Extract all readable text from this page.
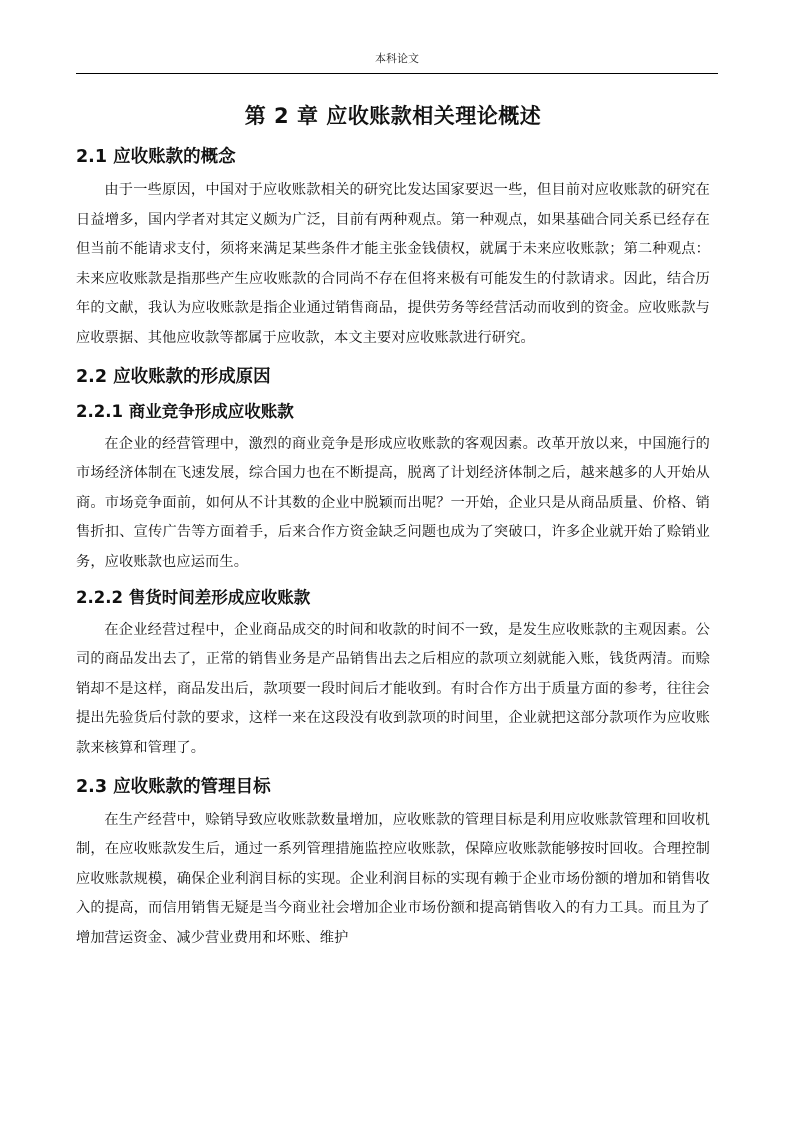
本科论文
第 2 章 应收账款相关理论概述
2.1 应收账款的概念

由于一些原因，中国对于应收账款相关的研究比发达国家要迟一些，但目前对应收账款的研究在日益增多，国内学者对其定义颇为广泛，目前有两种观点。第一种观点，如果基础合同关系已经存在但当前不能请求支付，须将来满足某些条件才能主张金钱债权，就属于未来应收账款；第二种观点：未来应收账款是指那些产生应收账款的合同尚不存在但将来极有可能发生的付款请求。因此，结合历年的文献，我认为应收账款是指企业通过销售商品，提供劳务等经营活动而收到的资金。应收账款与应收票据、其他应收款等都属于应收款，本文主要对应收账款进行研究。

2.2 应收账款的形成原因
2.2.1 商业竞争形成应收账款

在企业的经营管理中，激烈的商业竞争是形成应收账款的客观因素。改革开放以来，中国施行的市场经济体制在飞速发展，综合国力也在不断提高，脱离了计划经济体制之后，越来越多的人开始从商。市场竞争面前，如何从不计其数的企业中脱颖而出呢？一开始，企业只是从商品质量、价格、销售折扣、宣传广告等方面着手，后来合作方资金缺乏问题也成为了突破口，许多企业就开始了赊销业务，应收账款也应运而生。

2.2.2 售货时间差形成应收账款

在企业经营过程中，企业商品成交的时间和收款的时间不一致，是发生应收账款的主观因素。公司的商品发出去了，正常的销售业务是产品销售出去之后相应的款项立刻就能入账，钱货两清。而赊销却不是这样，商品发出后，款项要一段时间后才能收到。有时合作方出于质量方面的参考，往往会提出先验货后付款的要求，这样一来在这段没有收到款项的时间里，企业就把这部分款项作为应收账款来核算和管理了。

2.3 应收账款的管理目标

在生产经营中，赊销导致应收账款数量增加，应收账款的管理目标是利用应收账款管理和回收机制，在应收账款发生后，通过一系列管理措施监控应收账款，保障应收账款能够按时回收。合理控制应收账款规模，确保企业利润目标的实现。企业利润目标的实现有赖于企业市场份额的增加和销售收入的提高，而信用销售无疑是当今商业社会增加企业市场份额和提高销售收入的有力工具。而且为了增加营运资金、减少营业费用和坏账、维护
